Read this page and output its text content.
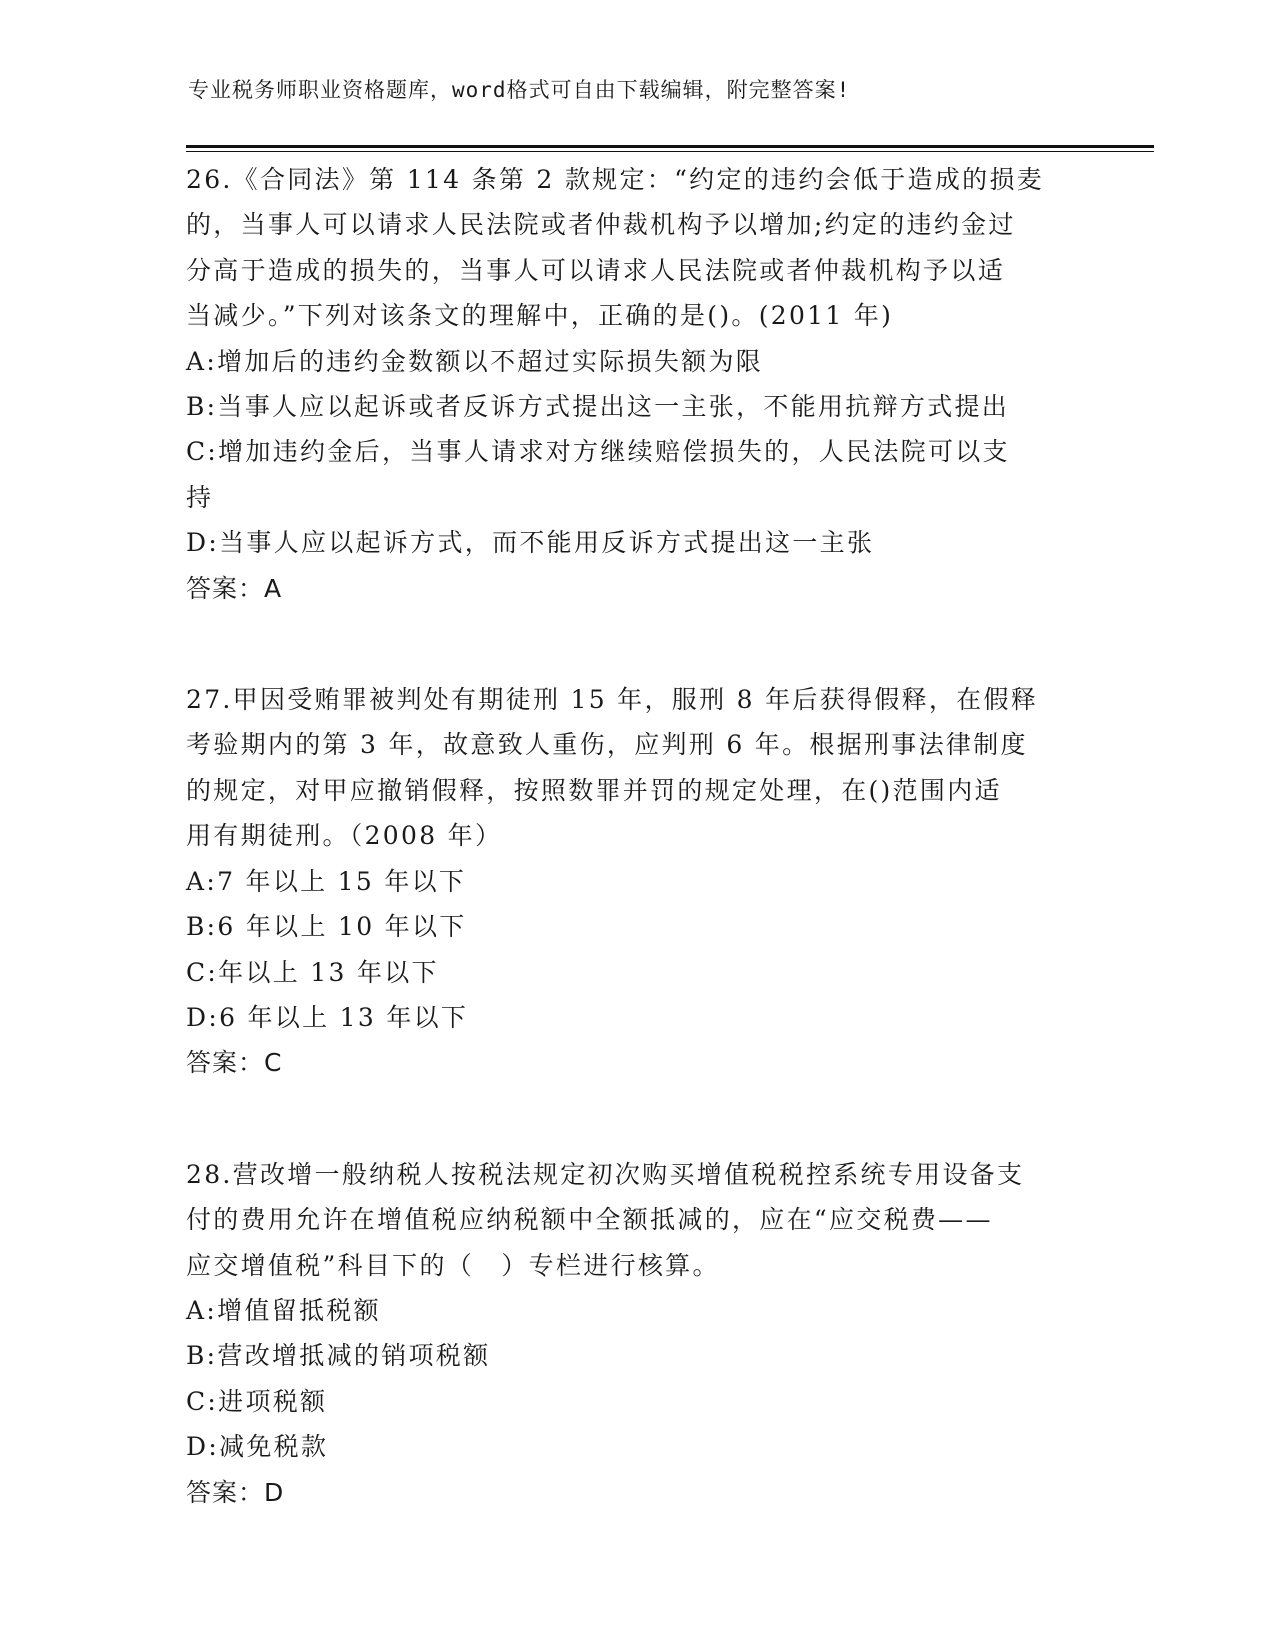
专业税务师职业资格题库，word格式可自由下载编辑，附完整答案!
26.《合同法》第 114 条第 2 款规定：“约定的违约会低于造成的损麦
的，当事人可以请求人民法院或者仲裁机构予以增加;约定的违约金过
分高于造成的损失的，当事人可以请求人民法院或者仲裁机构予以适
当减少。”下列对该条文的理解中，正确的是()。(2011 年)
A:增加后的违约金数额以不超过实际损失额为限
B:当事人应以起诉或者反诉方式提出这一主张，不能用抗辩方式提出
C:增加违约金后，当事人请求对方继续赔偿损失的，人民法院可以支
持
D:当事人应以起诉方式，而不能用反诉方式提出这一主张
答案：A
27.甲因受贿罪被判处有期徒刑 15 年，服刑 8 年后获得假释，在假释
考验期内的第 3 年，故意致人重伤，应判刑 6 年。根据刑事法律制度
的规定，对甲应撤销假释，按照数罪并罚的规定处理，在()范围内适
用有期徒刑。（2008 年）
A:7 年以上 15 年以下
B:6 年以上 10 年以下
C:年以上 13 年以下
D:6 年以上 13 年以下
答案：C
28.营改增一般纳税人按税法规定初次购买增值税税控系统专用设备支
付的费用允许在增值税应纳税额中全额抵减的，应在“应交税费——
应交增值税”科目下的（　）专栏进行核算。
A:增值留抵税额
B:营改增抵减的销项税额
C:进项税额
D:减免税款
答案：D
